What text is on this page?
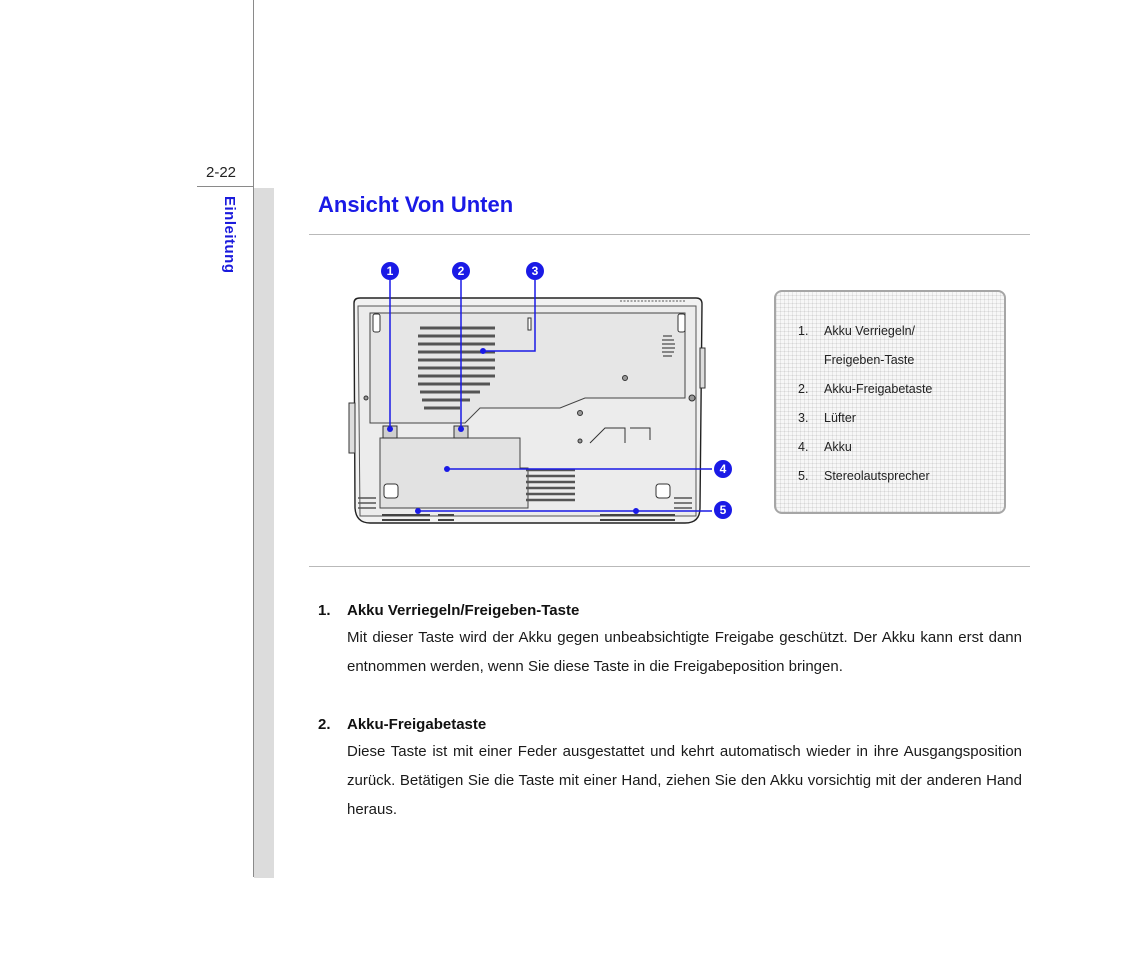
2-22
Einleitung	Ansicht Von Unten
1	2	3
4
5
1.	Akku Verriegeln/
Freigeben-Taste
2.	Akku-Freigabetaste
3.	Lüfter
4.	Akku
5.	Stereolautsprecher
1.	Akku Verriegeln/Freigeben-Taste
Mit dieser Taste wird der Akku gegen unbeabsichtigte Freigabe geschützt. Der Akku kann erst dann entnommen werden, wenn Sie diese Taste in die Freigabeposition bringen.
2.	Akku-Freigabetaste
Diese Taste ist mit einer Feder ausgestattet und kehrt automatisch wieder in ihre Ausgangsposition zurück. Betätigen Sie die Taste mit einer Hand, ziehen Sie den Akku vorsichtig mit der anderen Hand heraus.
